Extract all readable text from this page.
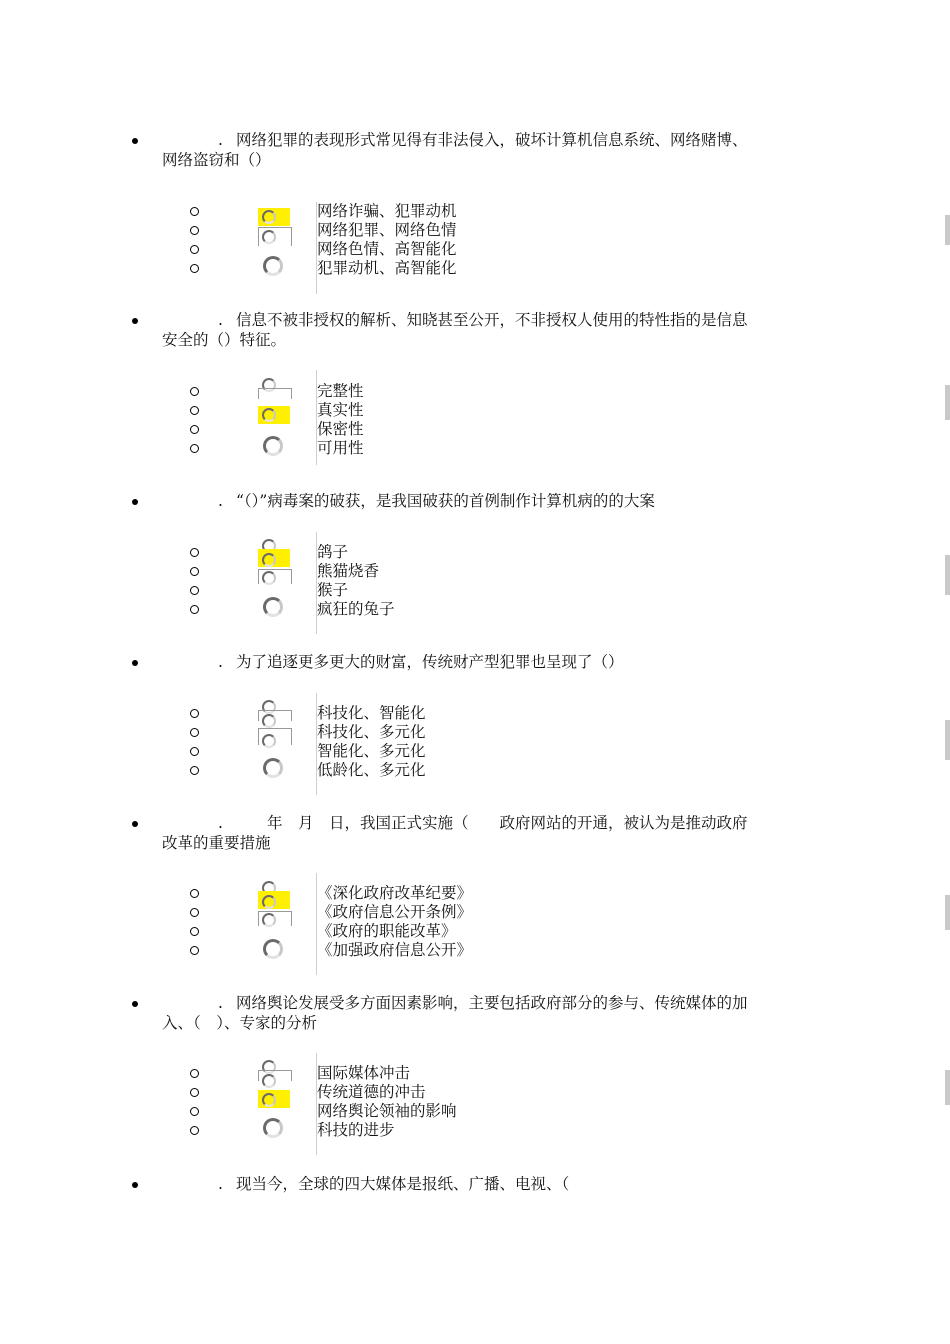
. 网络犯罪的表现形式常见得有非法侵入，破坏计算机信息系统、网络赌博、
网络盗窃和（）
网络诈骗、犯罪动机
网络犯罪、网络色情
网络色情、高智能化
犯罪动机、高智能化
. 信息不被非授权的解析、知晓甚至公开，不非授权人使用的特性指的是信息
安全的（）特征。
完整性
真实性
保密性
可用性
. “（）”病毒案的破获，是我国破获的首例制作计算机病的的大案
鸽子
熊猫烧香
猴子
疯狂的兔子
. 为了追逐更多更大的财富，传统财产型犯罪也呈现了（）
科技化、智能化
科技化、多元化
智能化、多元化
低龄化、多元化
. 　　年　月　日，我国正式实施（　　政府网站的开通，被认为是推动政府
改革的重要措施
《深化政府改革纪要》
《政府信息公开条例》
《政府的职能改革》
《加强政府信息公开》
. 网络舆论发展受多方面因素影响，主要包括政府部分的参与、传统媒体的加
入、（　）、专家的分析
国际媒体冲击
传统道德的冲击
网络舆论领袖的影响
科技的进步
. 现当今，全球的四大媒体是报纸、广播、电视、（
